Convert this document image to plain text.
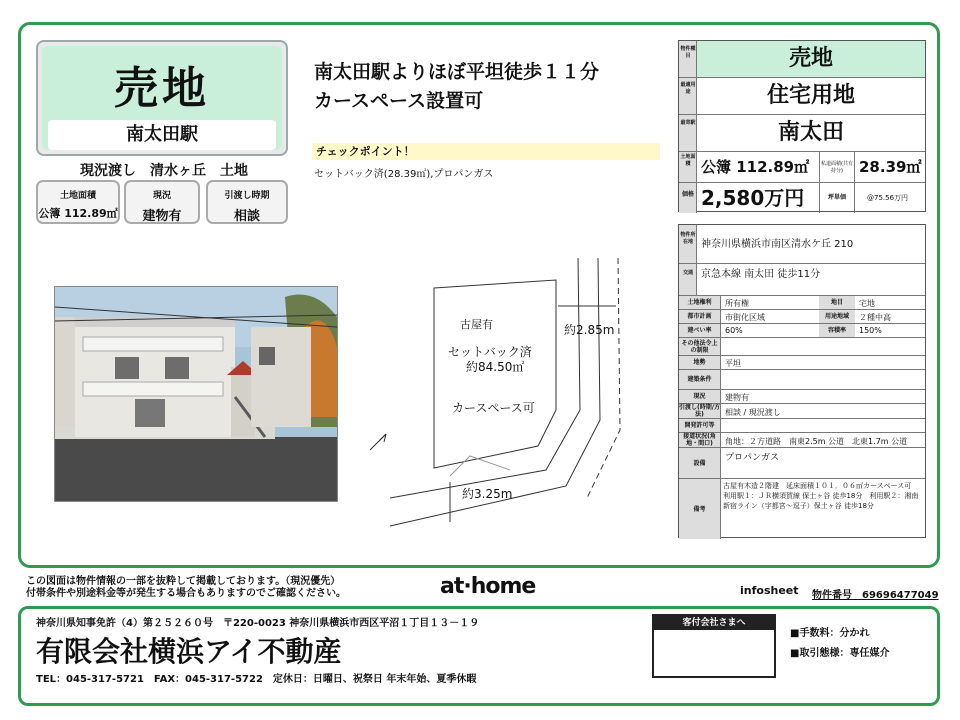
売地
南太田駅
現況渡し　清水ヶ丘　土地
土地面積
公簿 112.89㎡
現況
建物有
引渡し時期
相談
南太田駅よりほぼ平坦徒歩１１分
カースペース設置可
チェックポイント！
セットバック済(28.39㎡),プロパンガス
古屋有
セットバック済
約84.50㎡
カースペース可
約2.85m
約3.25m
物件種目	売地
最適用途	住宅用地
最寄駅	南太田
土地面積 公簿 112.89㎡	私道面積(共有持分)	28.39㎡
価格 2,580万円	坪単価	@75.56万円
物件所在地 神奈川県横浜市南区清水ケ丘 210
交通 京急本線 南太田 徒歩11分
土地権利	所有権	地目	宅地
都市計画	市街化区域	用途地域	２種中高
建ぺい率	60%	容積率	150%
その他法令上の制限
地勢	平坦
建築条件
現況	建物有
引渡し(時期/方法)	相談 / 現況渡し
開発許可等
接道状況(角地・間口)	角地：２方道路　南東2.5m 公道　北東1.7m 公道
設備	プロパンガス
備考
古屋有木造２階建　延床面積１０１．０６㎡カースペース可　利用駅１：ＪＲ横須賀線 保土ヶ谷 徒歩18分　利用駅２：湘南新宿ライン（宇都宮～逗子）保土ヶ谷 徒歩18分
この図面は物件情報の一部を抜粋して掲載しております。（現況優先）
付帯条件や別途料金等が発生する場合もありますのでご確認ください。	at·home	infosheet 物件番号　69696477049
神奈川県知事免許（4）第２５２６０号　〒220-0023 神奈川県横浜市西区平沼１丁目１３－１９
有限会社横浜アイ不動産
TEL：045-317-5721　FAX：045-317-5722　定休日：日曜日、祝祭日 年末年始、夏季休暇
客付会社さまへ
■手数料：分かれ
■取引態様：専任媒介
